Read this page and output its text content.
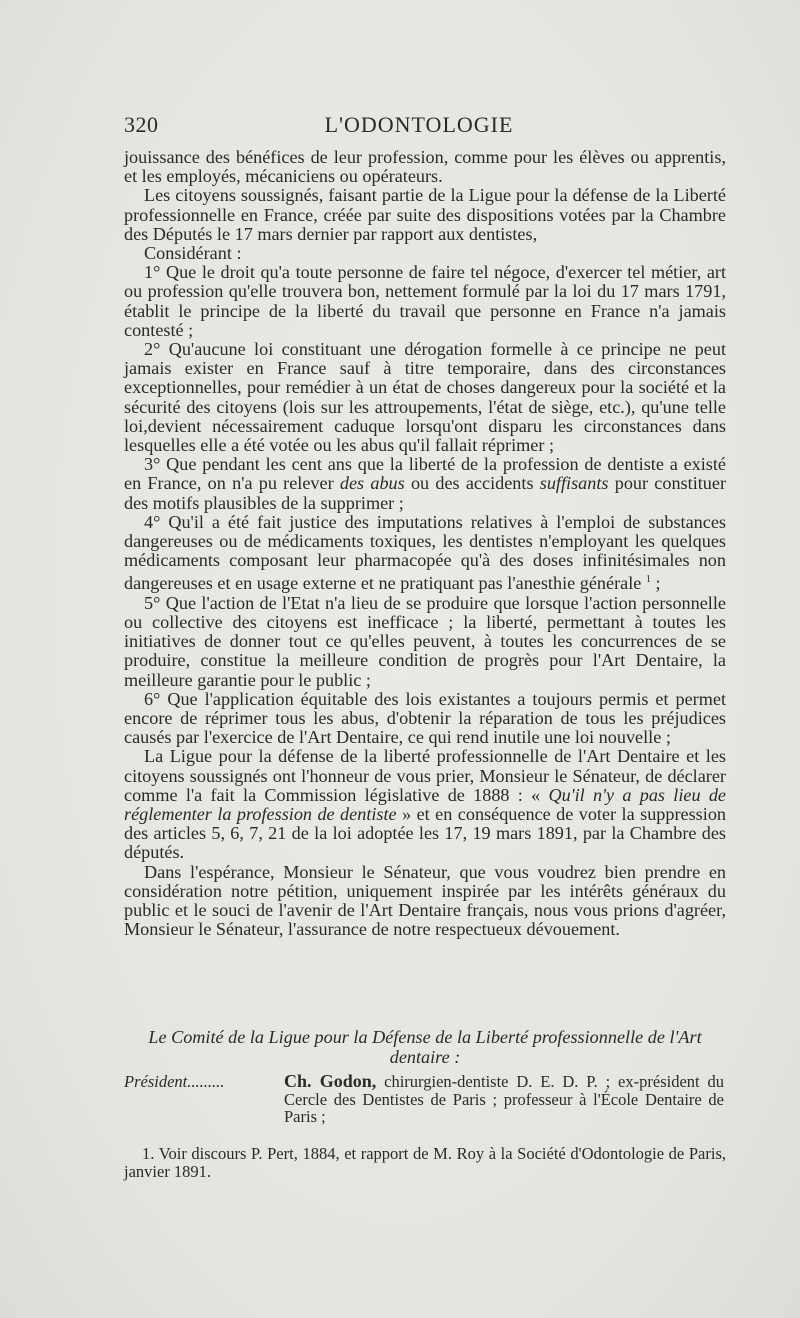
320	L'ODONTOLOGIE

jouissance des bénéfices de leur profession, comme pour les élèves ou apprentis, et les employés, mécaniciens ou opérateurs.

Les citoyens soussignés, faisant partie de la Ligue pour la défense de la Liberté professionnelle en France, créée par suite des dispositions votées par la Chambre des Députés le 17 mars dernier par rapport aux dentistes,

Considérant :

1° Que le droit qu'a toute personne de faire tel négoce, d'exercer tel métier, art ou profession qu'elle trouvera bon, nettement formulé par la loi du 17 mars 1791, établit le principe de la liberté du travail que personne en France n'a jamais contesté ;

2° Qu'aucune loi constituant une dérogation formelle à ce principe ne peut jamais exister en France sauf à titre temporaire, dans des circonstances exceptionnelles, pour remédier à un état de choses dangereux pour la société et la sécurité des citoyens (lois sur les attroupements, l'état de siège, etc.), qu'une telle loi,devient nécessairement caduque lorsqu'ont disparu les circonstances dans lesquelles elle a été votée ou les abus qu'il fallait réprimer ;

3° Que pendant les cent ans que la liberté de la profession de dentiste a existé en France, on n'a pu relever des abus ou des accidents suffisants pour constituer des motifs plausibles de la supprimer ;

4° Qu'il a été fait justice des imputations relatives à l'emploi de substances dangereuses ou de médicaments toxiques, les dentistes n'employant les quelques médicaments composant leur pharmacopée qu'à des doses infinitésimales non dangereuses et en usage externe et ne pratiquant pas l'anesthie générale $^1$ ;

5° Que l'action de l'Etat n'a lieu de se produire que lorsque l'action personnelle ou collective des citoyens est inefficace ; la liberté, permettant à toutes les initiatives de donner tout ce qu'elles peuvent, à toutes les concurrences de se produire, constitue la meilleure condition de progrès pour l'Art Dentaire, la meilleure garantie pour le public ;

6° Que l'application équitable des lois existantes a toujours permis et permet encore de réprimer tous les abus, d'obtenir la réparation de tous les préjudices causés par l'exercice de l'Art Dentaire, ce qui rend inutile une loi nouvelle ;

La Ligue pour la défense de la liberté professionnelle de l'Art Dentaire et les citoyens soussignés ont l'honneur de vous prier, Monsieur le Sénateur, de déclarer comme l'a fait la Commission législative de 1888 : « Qu'il n'y a pas lieu de réglementer la profession de dentiste » et en conséquence de voter la suppression des articles 5, 6, 7, 21 de la loi adoptée les 17, 19 mars 1891, par la Chambre des députés.

Dans l'espérance, Monsieur le Sénateur, que vous voudrez bien prendre en considération notre pétition, uniquement inspirée par les intérêts généraux du public et le souci de l'avenir de l'Art Dentaire français, nous vous prions d'agréer, Monsieur le Sénateur, l'assurance de notre respectueux dévouement.

Le Comité de la Ligue pour la Défense de la Liberté professionnelle de l'Art dentaire :
Président.........	Ch. Godon, chirurgien-dentiste D. E. D. P. ; ex-président du Cercle des Dentistes de Paris ; professeur à l'École Dentaire de Paris ;
1. Voir discours P. Pert, 1884, et rapport de M. Roy à la Société d'Odontologie de Paris, janvier 1891.
